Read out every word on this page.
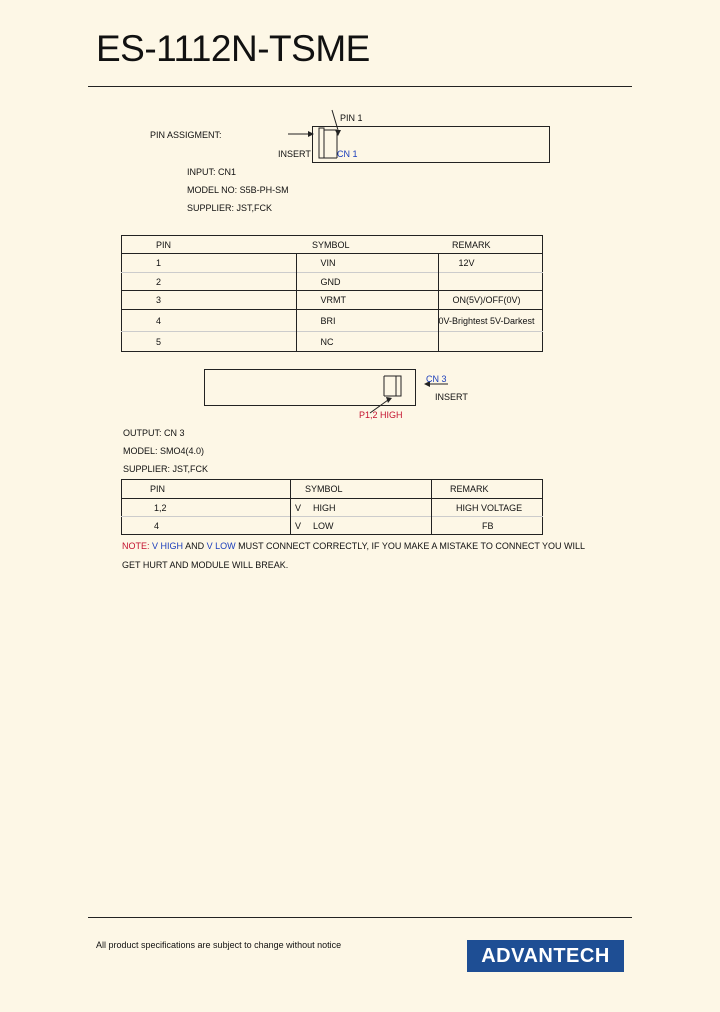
ES-1112N-TSME
PIN ASSIGMENT:
PIN 1
INSERT	CN 1
INPUT: CN1
MODEL NO: S5B-PH-SM
SUPPLIER: JST,FCK
PIN	SYMBOL	REMARK
1	VIN	12V
2	GND	
3	VRMT	ON(5V)/OFF(0V)
4	BRI	0V-Brightest 5V-Darkest
5	NC	
CN 3
INSERT
P1,2 HIGH
OUTPUT: CN 3
MODEL: SMO4(4.0)
SUPPLIER: JST,FCK
PIN	SYMBOL	REMARK
1,2	V HIGH	HIGH VOLTAGE
4	V LOW	FB
NOTE: V HIGH AND V LOW MUST CONNECT CORRECTLY, IF YOU MAKE A MISTAKE TO CONNECT YOU WILL
GET HURT AND MODULE WILL BREAK.
All product specifications are subject to change without notice	ADVANTECH
